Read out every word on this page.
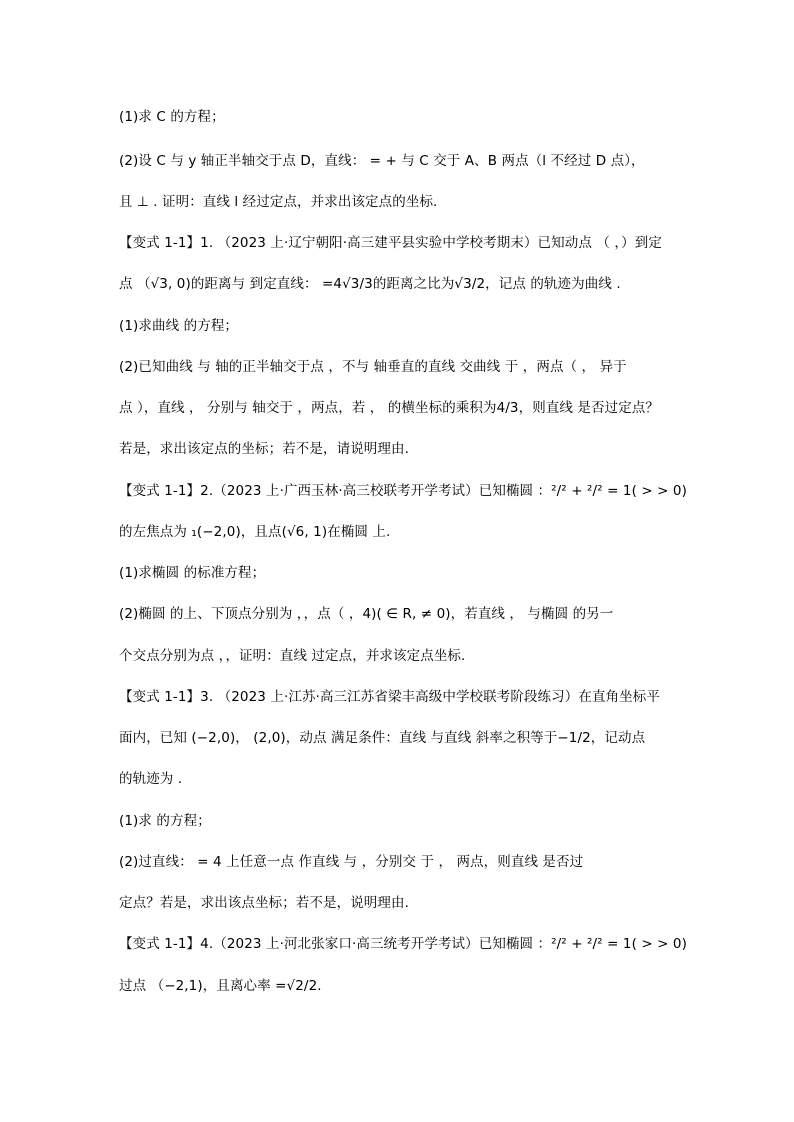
(1)求 C 的方程；
(2)设 C 与 y 轴正半轴交于点 D，直线： = + 与 C 交于 A、B 两点（l 不经过 D 点），
且 ⊥ . 证明：直线 l 经过定点，并求出该定点的坐标.
【变式 1-1】1. （2023 上·辽宁朝阳·高三建平县实验中学校考期末）已知动点 （ ，）到定
点 （√3, 0)的距离与 到定直线： =4√3/3的距离之比为√3/2，记点 的轨迹为曲线 .
(1)求曲线 的方程；
(2)已知曲线 与 轴的正半轴交于点 ，不与 轴垂直的直线 交曲线 于 ，两点（ ， 异于
点 ），直线 ， 分别与 轴交于 ，两点，若 ， 的横坐标的乘积为4/3，则直线 是否过定点？
若是，求出该定点的坐标；若不是，请说明理由.
【变式 1-1】2.（2023 上·广西玉林·高三校联考开学考试）已知椭圆 ：²/² + ²/² = 1( > > 0)
的左焦点为 ₁(−2,0)，且点(√6, 1)在椭圆 上.
(1)求椭圆 的标准方程；
(2)椭圆 的上、下顶点分别为 ，，点（ ，4)( ∈ R, ≠ 0)，若直线 ， 与椭圆 的另一
个交点分别为点 ，，证明：直线 过定点，并求该定点坐标.
【变式 1-1】3. （2023 上·江苏·高三江苏省梁丰高级中学校联考阶段练习）在直角坐标平
面内，已知 (−2,0)， (2,0)，动点 满足条件：直线 与直线 斜率之积等于−1/2，记动点
的轨迹为 .
(1)求 的方程；
(2)过直线： = 4 上任意一点 作直线 与 ，分别交 于 ， 两点，则直线 是否过
定点？若是，求出该点坐标；若不是，说明理由.
【变式 1-1】4.（2023 上·河北张家口·高三统考开学考试）已知椭圆 ：²/² + ²/² = 1( > > 0)
过点 （−2,1)，且离心率 =√2/2.
